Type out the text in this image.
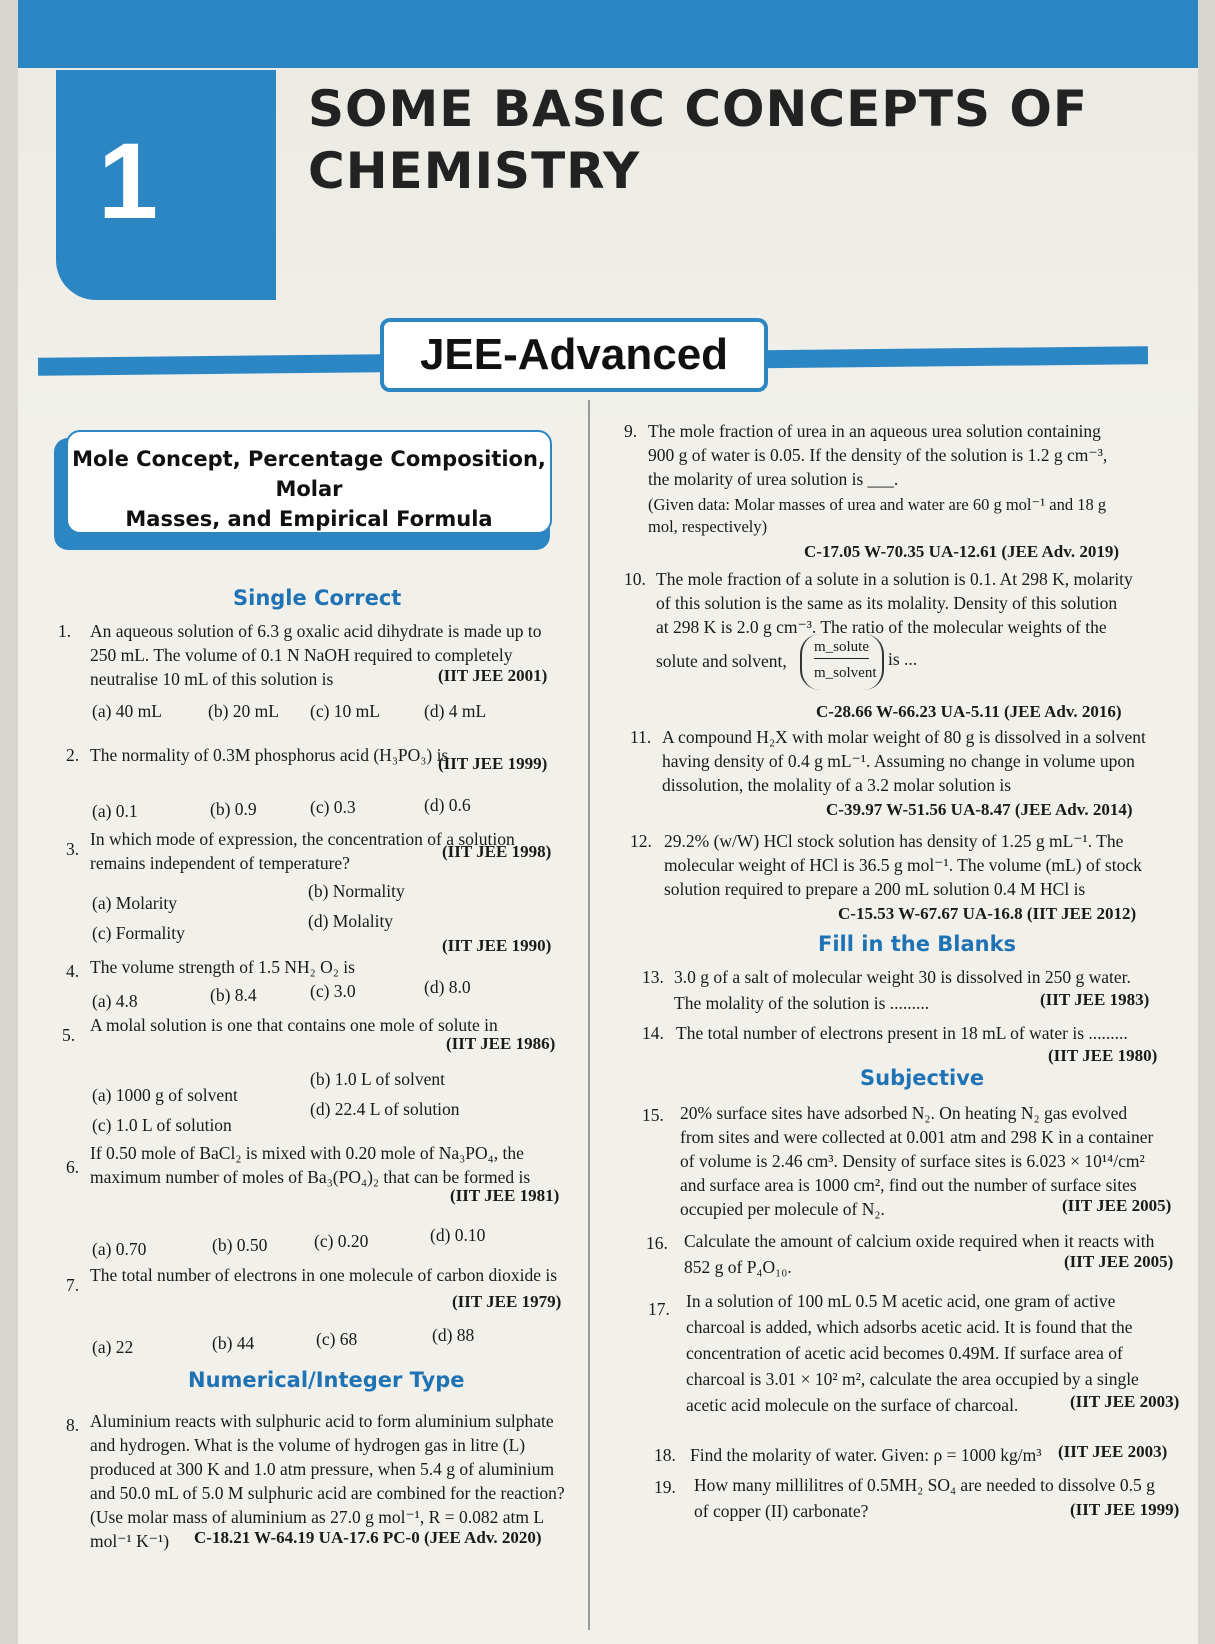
1
SOME BASIC CONCEPTS OF
CHEMISTRY
JEE-Advanced
Mole Concept, Percentage Composition, Molar
Masses, and Empirical Formula
Single Correct
1. An aqueous solution of 6.3 g oxalic acid dihydrate is made up to
250 mL. The volume of 0.1 N NaOH required to completely
neutralise 10 mL of this solution is	(IIT JEE 2001)
(a) 40 mL	(b) 20 mL (c) 10 mL	(d) 4 mL
2. The normality of 0.3M phosphorus acid (H₃PO₃) is
(IIT JEE 1999)
(a) 0.1	(b) 0.9	(c) 0.3	(d) 0.6
3. In which mode of expression, the concentration of a solution
remains independent of temperature?
(IIT JEE 1998)
(a) Molarity
(b) Normality
(c) Formality
(d) Molality
4. The volume strength of 1.5 NH₂ O₂ is
(IIT JEE 1990)
(a) 4.8	(b) 8.4	(c) 3.0	(d) 8.0
5. A molal solution is one that contains one mole of solute in
(IIT JEE 1986)
(a) 1000 g of solvent
(b) 1.0 L of solvent
(c) 1.0 L of solution
(d) 22.4 L of solution
6.
If 0.50 mole of BaCl₂ is mixed with 0.20 mole of Na₃PO₄, the
maximum number of moles of Ba₃(PO₄)₂ that can be formed is
(IIT JEE 1981)
(a) 0.70	(b) 0.50	(c) 0.20	(d) 0.10
7. The total number of electrons in one molecule of carbon dioxide is
(IIT JEE 1979)
(a) 22	(b) 44	(c) 68	(d) 88
Numerical/Integer Type
8. Aluminium reacts with sulphuric acid to form aluminium sulphate
and hydrogen. What is the volume of hydrogen gas in litre (L)
produced at 300 K and 1.0 atm pressure, when 5.4 g of aluminium
and 50.0 mL of 5.0 M sulphuric acid are combined for the reaction?
(Use molar mass of aluminium as 27.0 g mol⁻¹, R = 0.082 atm L
mol⁻¹ K⁻¹) C-18.21 W-64.19 UA-17.6 PC-0 (JEE Adv. 2020)
9. The mole fraction of urea in an aqueous urea solution containing
900 g of water is 0.05. If the density of the solution is 1.2 g cm⁻³,
the molarity of urea solution is ___.
(Given data: Molar masses of urea and water are 60 g mol⁻¹ and 18 g
mol, respectively)
C-17.05 W-70.35 UA-12.61 (JEE Adv. 2019)
10. The mole fraction of a solute in a solution is 0.1. At 298 K, molarity
of this solution is the same as its molality. Density of this solution
at 298 K is 2.0 g cm⁻³. The ratio of the molecular weights of the
solute and solvent,
m_solute
m_solvent
is ...
C-28.66 W-66.23 UA-5.11 (JEE Adv. 2016)
11. A compound H₂X with molar weight of 80 g is dissolved in a solvent
having density of 0.4 g mL⁻¹. Assuming no change in volume upon
dissolution, the molality of a 3.2 molar solution is
C-39.97 W-51.56 UA-8.47 (JEE Adv. 2014)
12. 29.2% (w/W) HCl stock solution has density of 1.25 g mL⁻¹. The
molecular weight of HCl is 36.5 g mol⁻¹. The volume (mL) of stock
solution required to prepare a 200 mL solution 0.4 M HCl is
C-15.53 W-67.67 UA-16.8 (IIT JEE 2012)
Fill in the Blanks
13. 3.0 g of a salt of molecular weight 30 is dissolved in 250 g water.
The molality of the solution is .........	(IIT JEE 1983)
14. The total number of electrons present in 18 mL of water is .........
(IIT JEE 1980)
Subjective
15. 20% surface sites have adsorbed N₂. On heating N₂ gas evolved
from sites and were collected at 0.001 atm and 298 K in a container
of volume is 2.46 cm³. Density of surface sites is 6.023 × 10¹⁴/cm²
and surface area is 1000 cm², find out the number of surface sites
occupied per molecule of N₂.	(IIT JEE 2005)
16. Calculate the amount of calcium oxide required when it reacts with
852 g of P₄O₁₀.	(IIT JEE 2005)
17. In a solution of 100 mL 0.5 M acetic acid, one gram of active
charcoal is added, which adsorbs acetic acid. It is found that the
concentration of acetic acid becomes 0.49M. If surface area of
charcoal is 3.01 × 10² m², calculate the area occupied by a single
acetic acid molecule on the surface of charcoal.	(IIT JEE 2003)
18. Find the molarity of water. Given: ρ = 1000 kg/m³ (IIT JEE 2003)
19. How many millilitres of 0.5MH₂ SO₄ are needed to dissolve 0.5 g
of copper (II) carbonate?	(IIT JEE 1999)
